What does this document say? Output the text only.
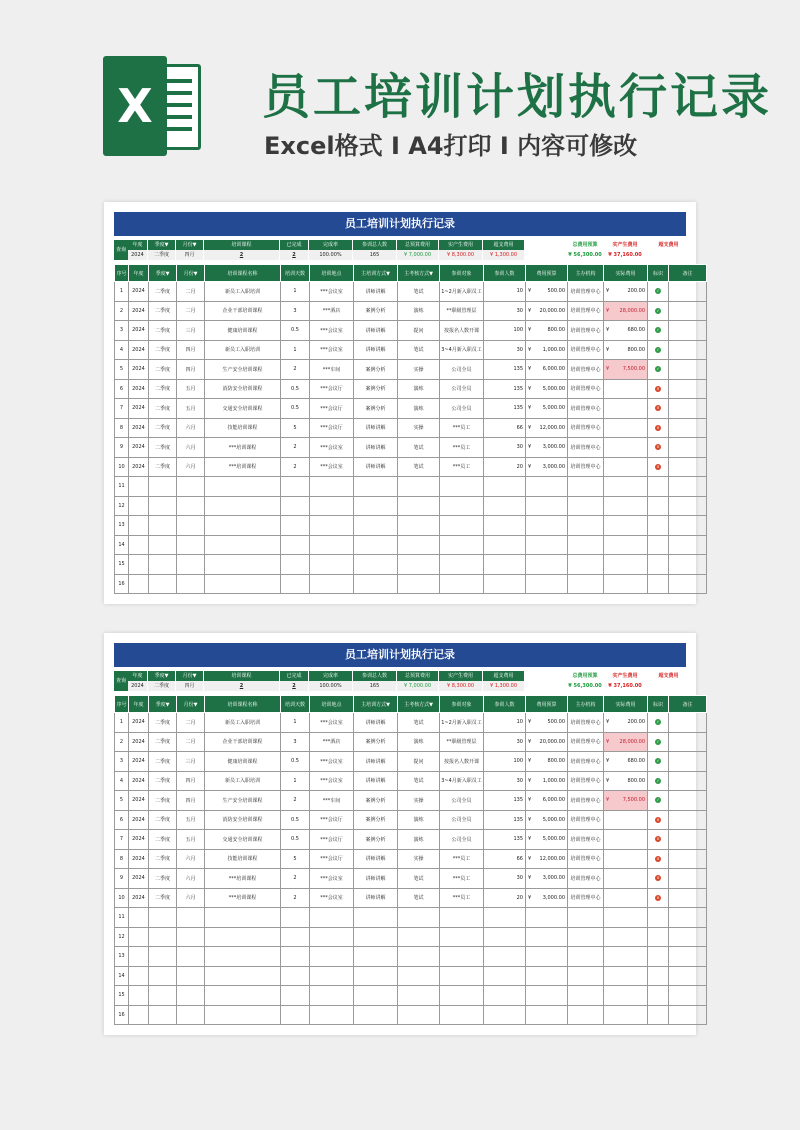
X 员工培训计划执行记录
Excel格式 I A4打印 I 内容可修改
员工培训计划执行记录
查询
年度	季度▼	月份▼	培训课程	已完成	完成率	参训总人数	总预算费用	实产生费用	超支费用	总费用预算	实产生费用	超支费用
2024	二季度	四月	2	2	100.00%	165	¥ 7,000.00	¥ 8,300.00	¥ 1,300.00	¥ 56,300.00	¥ 37,160.00
序号	年度	季度▼	月份▼	培训课程名称	培训天数	培训地点	主培训方式▼	主考核方式▼	参训对象	参训人数	费用预算	主办机构	实际费用	标识	备注
1	2024	二季度	二月	新员工入职培训	1	***会议室	讲师讲解	笔试	1~2月新入职员工	10	¥ 500.00	培训管理中心	¥ 200.00	✓	
2	2024	二季度	二月	企业干部培训课程	3	***酒店	案例分析	演练	**职级管理层	30	¥ 20,000.00	培训管理中心	¥ 28,000.00	✓	
3	2024	二季度	三月	健康培训课程	0.5	***会议室	讲师讲解	提问	按报名人数开课	100	¥ 800.00	培训管理中心	¥ 680.00	✓	
4	2024	二季度	四月	新员工入职培训	1	***会议室	讲师讲解	笔试	3~4月新入职员工	30	¥ 1,000.00	培训管理中心	¥ 800.00	✓	
5	2024	二季度	四月	生产安全培训课程	2	***车间	案例分析	实操	公司全员	135	¥ 6,000.00	培训管理中心	¥ 7,500.00	✓	
6	2024	二季度	五月	消防安全培训课程	0.5	***会议厅	案例分析	演练	公司全员	135	¥ 5,000.00	培训管理中心		×	
7	2024	二季度	五月	交通安全培训课程	0.5	***会议厅	案例分析	演练	公司全员	135	¥ 5,000.00	培训管理中心		×	
8	2024	二季度	六月	技能培训课程	5	***会议厅	讲师讲解	实操	***员工	66	¥ 12,000.00	培训管理中心		×	
9	2024	二季度	六月	***培训课程	2	***会议室	讲师讲解	笔试	***员工	30	¥ 3,000.00	培训管理中心		×	
10	2024	二季度	六月	***培训课程	2	***会议室	讲师讲解	笔试	***员工	20	¥ 3,000.00	培训管理中心		×	
11															
12															
13															
14															
15															
16															
员工培训计划执行记录
查询
年度	季度▼	月份▼	培训课程	已完成	完成率	参训总人数	总预算费用	实产生费用	超支费用	总费用预算	实产生费用	超支费用
2024	二季度	四月	2	2	100.00%	165	¥ 7,000.00	¥ 8,300.00	¥ 1,300.00	¥ 56,300.00	¥ 37,160.00
序号	年度	季度▼	月份▼	培训课程名称	培训天数	培训地点	主培训方式▼	主考核方式▼	参训对象	参训人数	费用预算	主办机构	实际费用	标识	备注
1	2024	二季度	二月	新员工入职培训	1	***会议室	讲师讲解	笔试	1~2月新入职员工	10	¥ 500.00	培训管理中心	¥ 200.00	✓	
2	2024	二季度	二月	企业干部培训课程	3	***酒店	案例分析	演练	**职级管理层	30	¥ 20,000.00	培训管理中心	¥ 28,000.00	✓	
3	2024	二季度	三月	健康培训课程	0.5	***会议室	讲师讲解	提问	按报名人数开课	100	¥ 800.00	培训管理中心	¥ 680.00	✓	
4	2024	二季度	四月	新员工入职培训	1	***会议室	讲师讲解	笔试	3~4月新入职员工	30	¥ 1,000.00	培训管理中心	¥ 800.00	✓	
5	2024	二季度	四月	生产安全培训课程	2	***车间	案例分析	实操	公司全员	135	¥ 6,000.00	培训管理中心	¥ 7,500.00	✓	
6	2024	二季度	五月	消防安全培训课程	0.5	***会议厅	案例分析	演练	公司全员	135	¥ 5,000.00	培训管理中心		×	
7	2024	二季度	五月	交通安全培训课程	0.5	***会议厅	案例分析	演练	公司全员	135	¥ 5,000.00	培训管理中心		×	
8	2024	二季度	六月	技能培训课程	5	***会议厅	讲师讲解	实操	***员工	66	¥ 12,000.00	培训管理中心		×	
9	2024	二季度	六月	***培训课程	2	***会议室	讲师讲解	笔试	***员工	30	¥ 3,000.00	培训管理中心		×	
10	2024	二季度	六月	***培训课程	2	***会议室	讲师讲解	笔试	***员工	20	¥ 3,000.00	培训管理中心		×	
11															
12															
13															
14															
15															
16															
